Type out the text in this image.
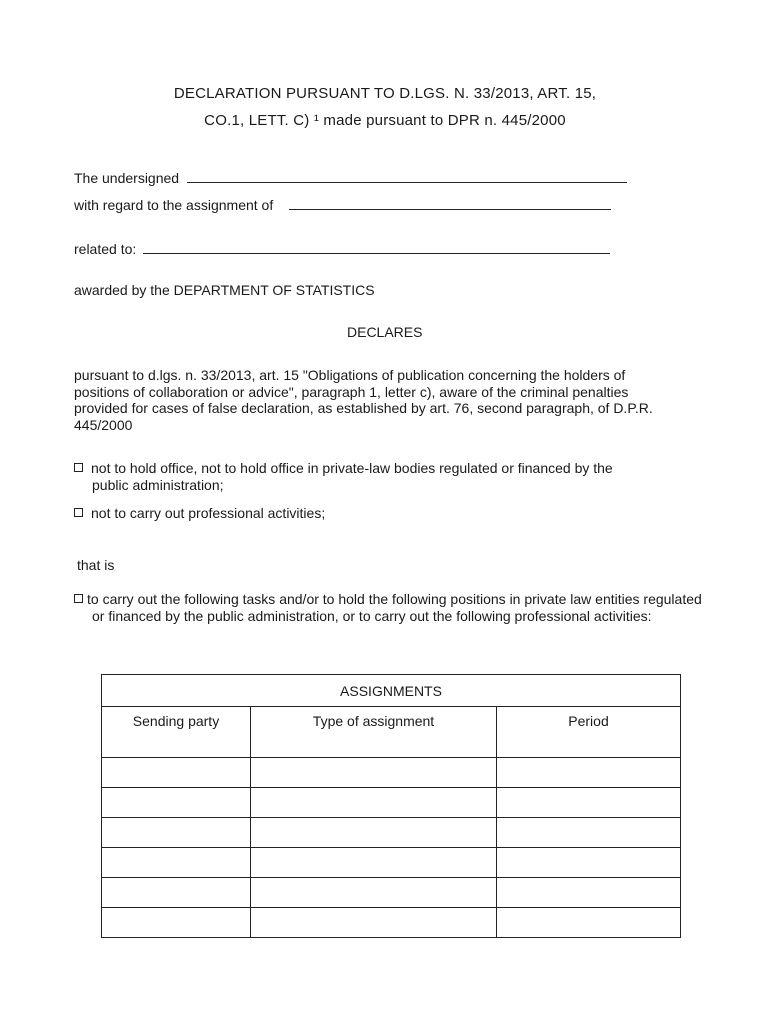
DECLARATION PURSUANT TO D.LGS. N. 33/2013, ART. 15,
CO.1, LETT. C) ¹ made pursuant to DPR n. 445/2000
The undersigned
with regard to the assignment of
related to:
awarded by the DEPARTMENT OF STATISTICS
DECLARES
pursuant to d.lgs. n. 33/2013, art. 15 "Obligations of publication concerning the holders of positions of collaboration or advice", paragraph 1, letter c), aware of the criminal penalties provided for cases of false declaration, as established by art. 76, second paragraph, of D.P.R. 445/2000
not to hold office, not to hold office in private-law bodies regulated or financed by the public administration;
not to carry out professional activities;
that is
to carry out the following tasks and/or to hold the following positions in private law entities regulated or financed by the public administration, or to carry out the following professional activities:
ASSIGNMENTS		
Sending party	Type of assignment	Period
